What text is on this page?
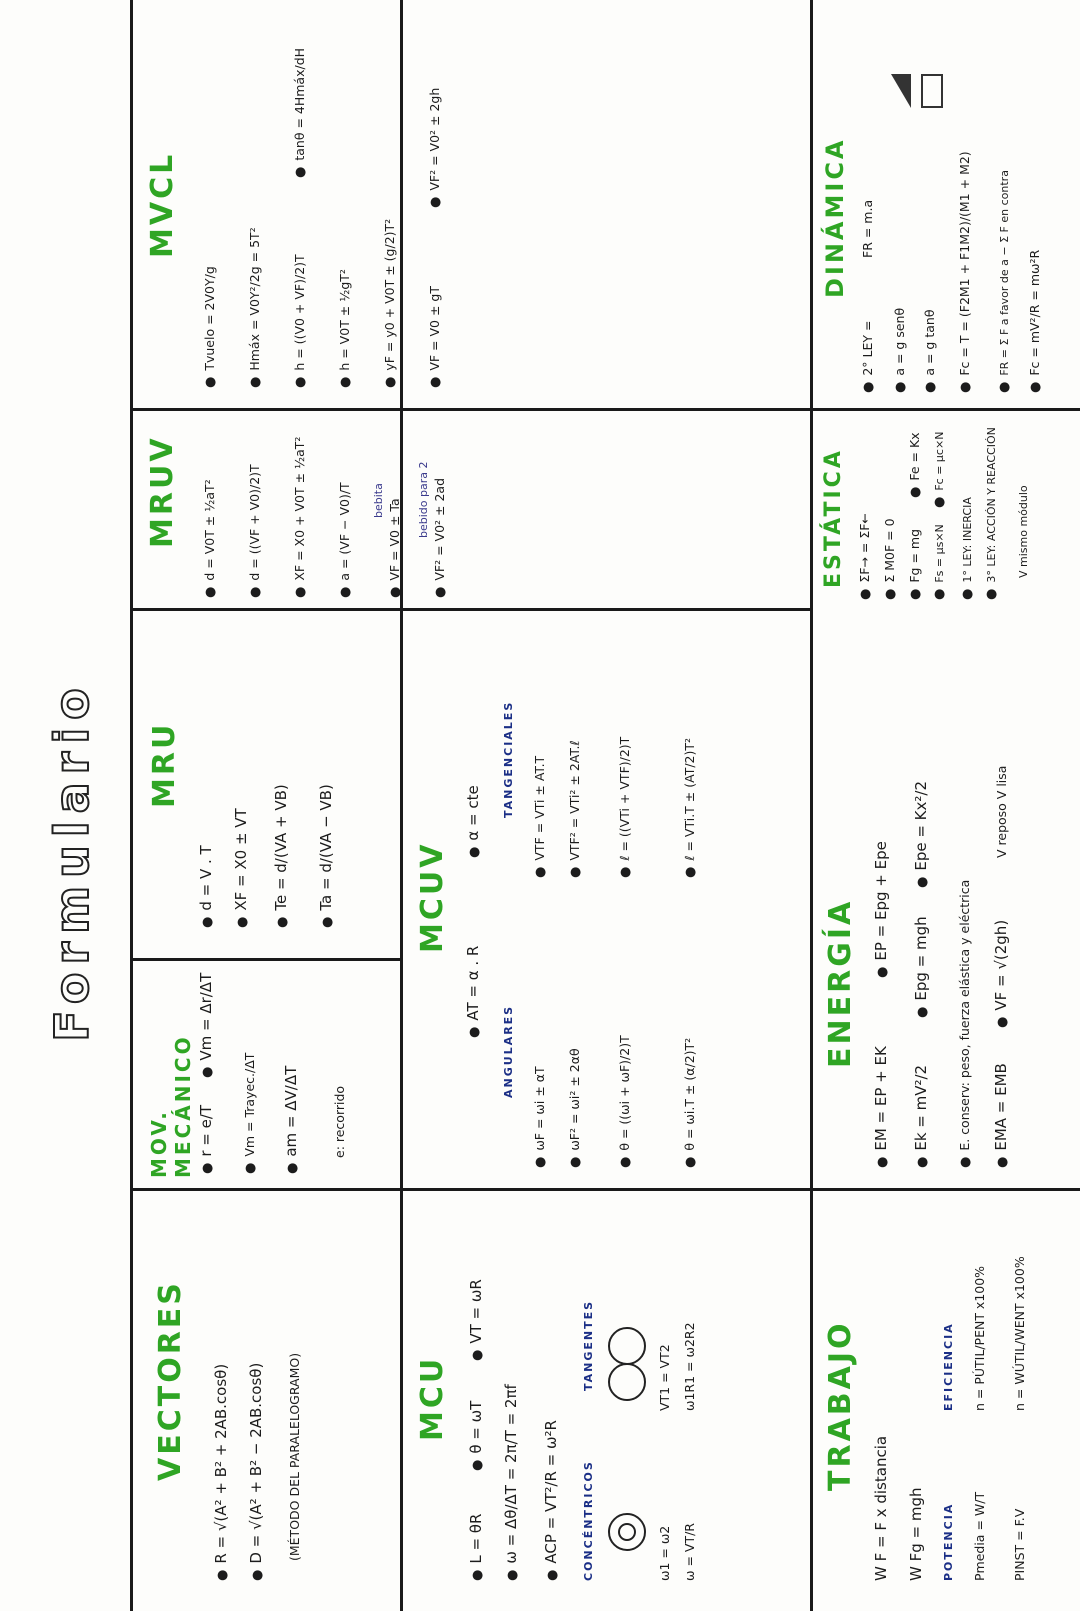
Formulario
VECTORES ● R = √(A² + B² + 2AB.cosθ) ● D = √(A² + B² − 2AB.cosθ) (MÉTODO DEL PARALELOGRAMO)	MCU
● L = θR
● θ = ωT
● VT = ωR
● ω = Δθ/ΔT = 2π/T = 2πf ● ACP = VT²/R = ω²R CONCÉNTRICOS
TANGENTES
ω1 = ω2
VT1 = VT2
ω = VT/R
ω1R1 = ω2R2	TRABAJO
W F = F x distancia W Fg = mgh POTENCIA
EFICIENCIA
Pmedia = W/T PINST = F.V
n = PÚTIL/PENT x100% n = WÚTIL/WENT x100%
MOV. MECÁNICO ● r = e/T
● Vm = Δr/ΔT
● Vm = Trayec./ΔT ● am = ΔV/ΔT	e: recorrido
MRU
● d = V . T ● XF = X0 ± VT ● Te = d/(VA + VB) ● Ta = d/(VA − VB)	MCUV
● AT = α . R
● α = cte
ANGULARES
TANGENCIALES
● ωF = ωi ± αT ● ωF² = ωi² ± 2αθ	● θ = ((ωi + ωF)/2)T	● θ = ωi.T ± (α/2)T²
● VTF = VTi ± AT.T ● VTF² = VTi² ± 2AT.ℓ	● ℓ = ((VTi + VTF)/2)T	● ℓ = VTi.T ± (AT/2)T²
ENERGÍA
● EM = EP + EK
● EP = Epg + Epe
● Ek = mV²/2
● Epg = mgh
● Epe = Kx²/2
● E. conserv: peso, fuerza elástica y eléctrica ● EMA = EMB
● VF = √(2gh)
V reposo V lisa
MRUV ● d = V0T ± ½aT² ● d = ((VF + V0)/2)T ● XF = X0 + V0T ± ½aT² ● a = (VF − V0)/T bebita ● VF = V0 ± Ta bebido para 2 ● VF² = V0² ± 2ad
MVCL
● Tvuelo = 2V0Y/g ● Hmáx = V0Y²/2g = 5T² ● h = ((V0 + VF)/2)T
● tanθ = 4Hmáx/dH
● h = V0T ± ½gT² ● yF = y0 + V0T ± (g/2)T² ● VF = V0 ± gT
● VF² = V0² ± 2gh
ESTÁTICA ● ΣF→ = ΣF← ● Σ M0F = 0 ● Fg = mg
● Fe = Kx
● Fs = μs×N
● Fc = μc×N
● 1° LEY: INERCIA ● 3° LEY: ACCIÓN Y REACCIÓN V mismo módulo
DINÁMICA
● 2° LEY =
FR = m.a
● a = g senθ ● a = g tanθ ● Fc = T = (F2M1 + F1M2)/(M1 + M2) ● FR = Σ F a favor de a − Σ F en contra ● Fc = mV²/R = mω²R
